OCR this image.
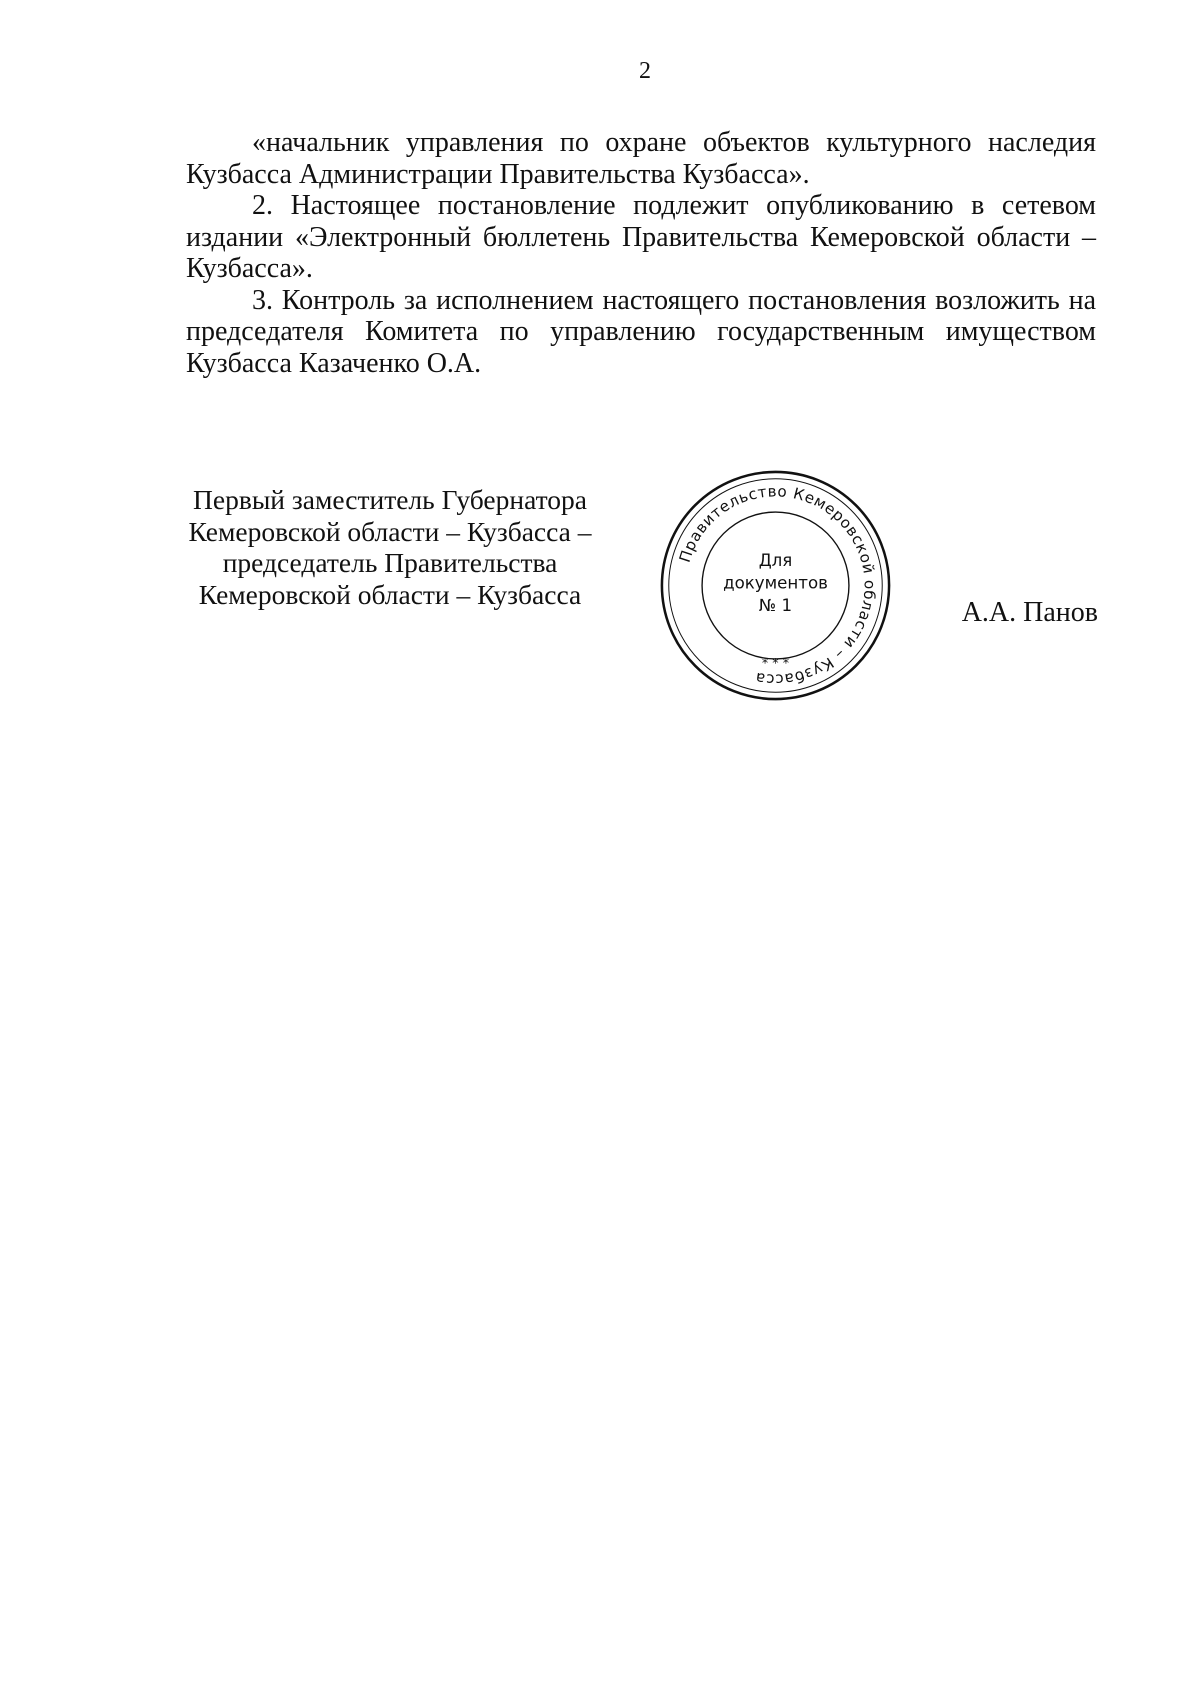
2

«начальник управления по охране объектов культурного наследия Кузбасса Администрации Правительства Кузбасса».

2. Настоящее постановление подлежит опубликованию в сетевом издании «Электронный бюллетень Правительства Кемеровской области – Кузбасса».

3. Контроль за исполнением настоящего постановления возложить на председателя Комитета по управлению государственным имуществом Кузбасса Казаченко О.А.

Первый заместитель Губернатора
Кемеровской области – Кузбасса –
председатель Правительства
Кемеровской области – Кузбасса
Правительство Кемеровской области – Кузбасса
Для
документов
№ 1
* * *
А.А. Панов
